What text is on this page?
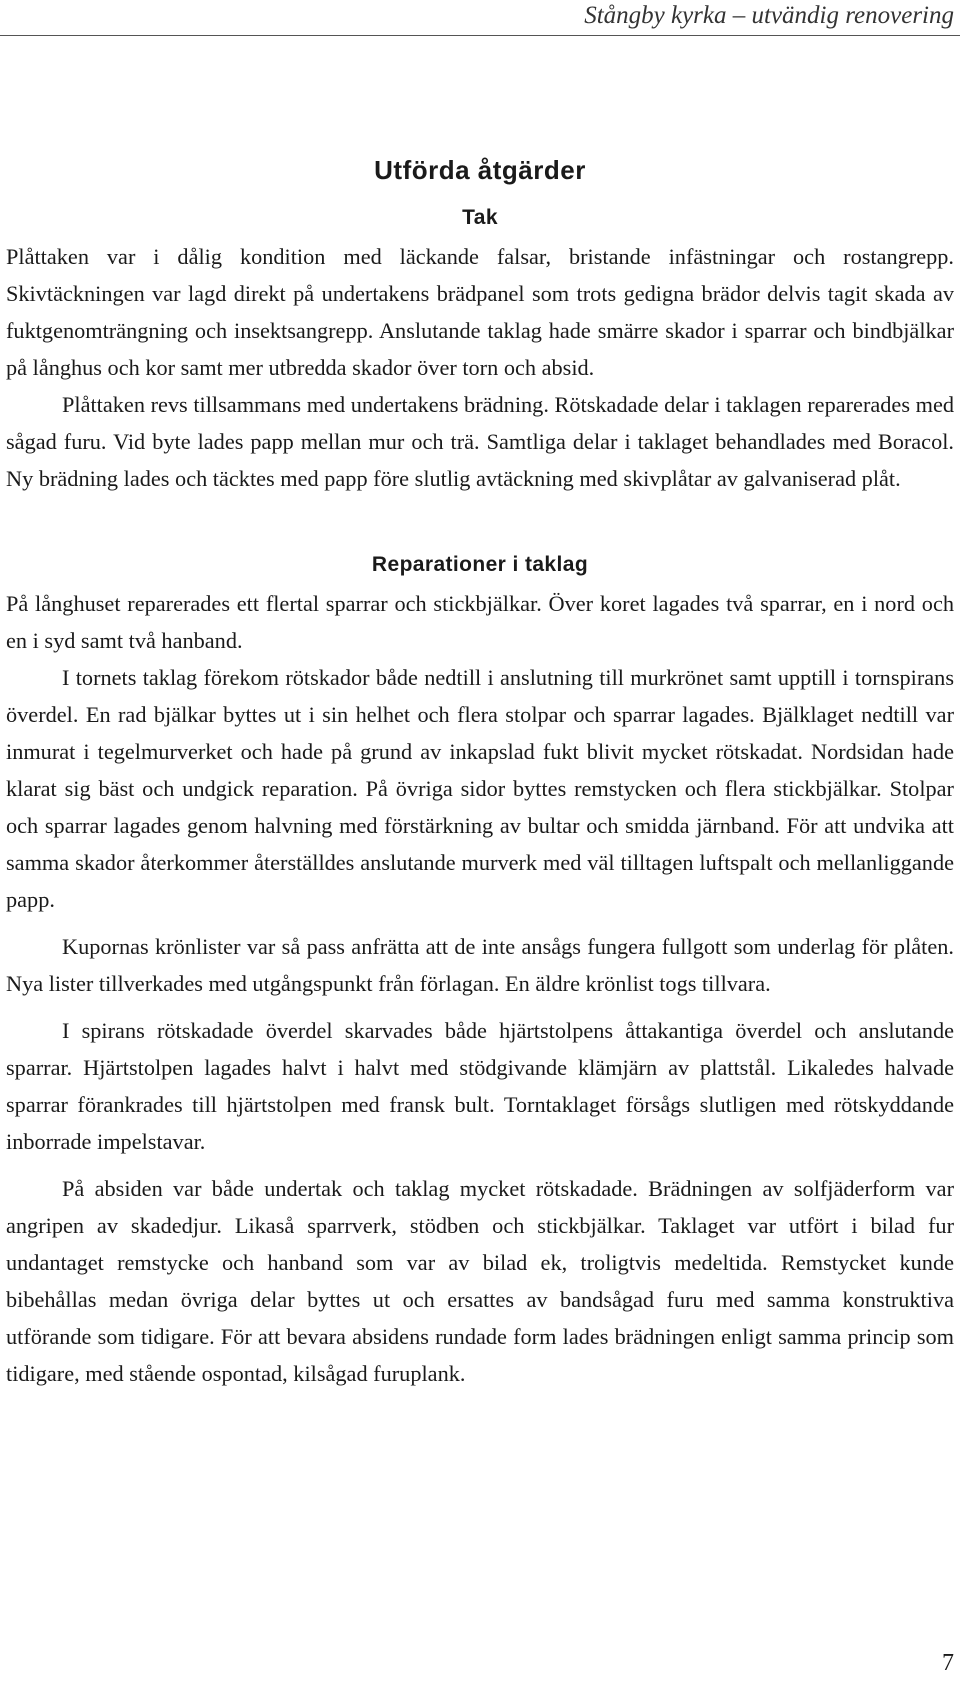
Stångby kyrka – utvändig renovering
Utförda åtgärder
Tak

Plåttaken var i dålig kondition med läckande falsar, bristande infästningar och rostangrepp. Skivtäckningen var lagd direkt på undertakens brädpanel som trots gedigna brädor delvis tagit skada av fuktgenomträngning och insektsangrepp. Anslutande taklag hade smärre skador i sparrar och bindbjälkar på långhus och kor samt mer utbredda skador över torn och absid.

Plåttaken revs tillsammans med undertakens brädning. Rötskadade delar i taklagen reparerades med sågad furu. Vid byte lades papp mellan mur och trä. Samtliga delar i taklaget behandlades med Boracol. Ny brädning lades och täcktes med papp före slutlig avtäckning med skivplåtar av galvaniserad plåt.

Reparationer i taklag

På långhuset reparerades ett flertal sparrar och stickbjälkar. Över koret lagades två sparrar, en i nord och en i syd samt två hanband.

I tornets taklag förekom rötskador både nedtill i anslutning till murkrönet samt upptill i tornspirans överdel. En rad bjälkar byttes ut i sin helhet och flera stolpar och sparrar lagades. Bjälklaget nedtill var inmurat i tegelmurverket och hade på grund av inkapslad fukt blivit mycket rötskadat. Nordsidan hade klarat sig bäst och undgick reparation. På övriga sidor byttes remstycken och flera stickbjälkar. Stolpar och sparrar lagades genom halvning med förstärkning av bultar och smidda järnband. För att undvika att samma skador återkommer återställdes anslutande murverk med väl tilltagen luftspalt och mellanliggande papp.

Kupornas krönlister var så pass anfrätta att de inte ansågs fungera fullgott som underlag för plåten. Nya lister tillverkades med utgångspunkt från förlagan. En äldre krönlist togs tillvara.

I spirans rötskadade överdel skarvades både hjärtstolpens åttakantiga överdel och anslutande sparrar. Hjärtstolpen lagades halvt i halvt med stödgivande klämjärn av plattstål. Likaledes halvade sparrar förankrades till hjärtstolpen med fransk bult. Torntaklaget försågs slutligen med rötskyddande inborrade impelstavar.

På absiden var både undertak och taklag mycket rötskadade. Brädningen av solfjäderform var angripen av skadedjur. Likaså sparrverk, stödben och stickbjälkar. Taklaget var utfört i bilad fur undantaget remstycke och hanband som var av bilad ek, troligtvis medeltida. Remstycket kunde bibehållas medan övriga delar byttes ut och ersattes av bandsågad furu med samma konstruktiva utförande som tidigare. För att bevara absidens rundade form lades brädningen enligt samma princip som tidigare, med stående ospontad, kilsågad furuplank.

7
